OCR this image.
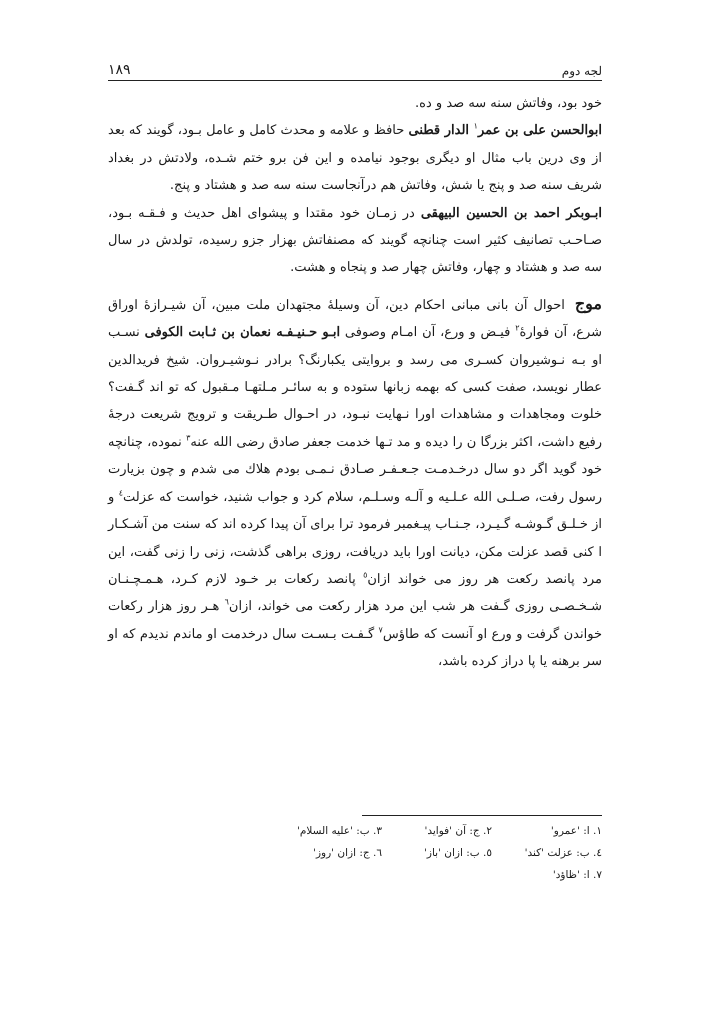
لجه دوم
۱۸۹

خود بود، وفاتش سنه سه صد و ده.

ابوالحسن علی بن عمر$^١$ الدار قطنی حافظ و علامه و محدث کامل و عامل بـود، گویند که بعد از وی درین باب مثال او دیگری بوجود نیامده و این فن برو ختم شـده، ولادتش در بغداد شریف سنه صد و پنج یا شش، وفاتش هم درآنجاست سنه سه صد و هشتاد و پنج.

ابـوبکر احمد بن الحسین البیهقی در زمـان خود مقتدا و پیشوای اهل حدیث و فـقـه بـود، صـاحـب تصانیف کثیر است چنانچه گویند که مصنفاتش بهزار جزو رسیده، تولدش در سال سه صد و هشتاد و چهار، وفاتش چهار صد و پنجاه و هشت.

موج احوال آن بانی مبانی احکام دین، آن وسیلۀ مجتهدان ملت مبین، آن شیـرازۀ اوراق شرع، آن فوارۀ$^٢$ فیـض و ورع، آن امـام وصوفی ابـو حـنیـفـه نعمان بن ثـابت الکوفی نسـب او بـه نـوشیروان کسـری می رسد و بروایتی یکبارنگ؟ برادر نـوشیـروان. شیخ فریدالدین عطار نویسد، صفت کسی که بهمه زبانها ستوده و به سائـر مـلتهـا مـقبول که تو اند گـفت؟ خلوت ومجاهدات و مشاهدات اورا نـهایت نبـود، در احـوال طـریقت و ترویج شریعت درجۀ رفیع داشت، اکثر بزرگا ن را دیده و مد تـها خدمت جعفر صادق رضی الله عنه$^٣$ نموده، چنانچه خود گوید اگر دو سال درخـدمـت جـعـفـر صـادق نـمـی بودم هلاك می شدم و چون بزیارت رسول رفت، صـلـی الله عـلـیه و آلـه وسـلـم، سلام کرد و جواب شنید، خواست که عزلت$^٤$ و از خـلـق گـوشـه گـیـرد، جـنـاب پیـغمبر فرمود ترا برای آن پیدا کرده اند که سنت من آشـکـار ا کنی قصد عزلت مکن، دیانت اورا باید دریافت، روزی براهی گذشت، زنی را زنی گفت، این مرد پانصد رکعت هر روز می خواند ازان$^٥$ پانصد رکعات بر خـود لازم کـرد، هـمـچـنـان شـخـصـی روزی گـفت هر شب این مرد هزار رکعت می خواند، ازان$^٦$ هـر روز هزار رکعات خواندن گرفت و ورع او آنست که طاؤس$^٧$ گـفـت بـسـت سال درخدمت او ماندم ندیدم که او سر برهنه یا پا دراز کرده باشد،

١. ا: 'عمرو'
٢. ج: آن 'فواید'
٣. ب: 'علیه السلام'
٤. ب: عزلت 'کند'
٥. ب: ازان 'باز'
٦. ج: ازان 'روز'
٧. ا: 'ظاؤد'
